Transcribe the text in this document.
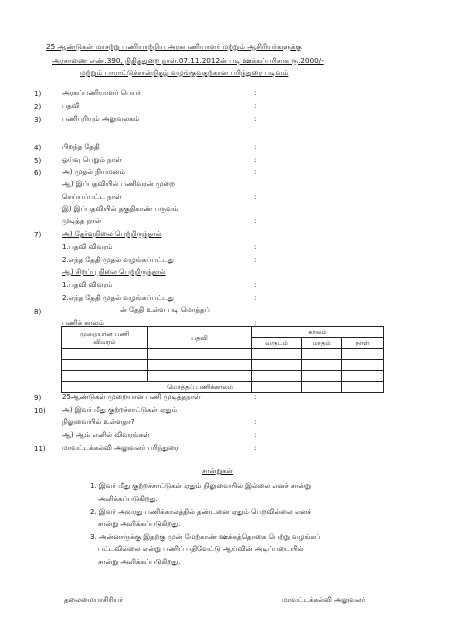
25 ஆண்டுகள் மாசற்று பணியாற்றிய அரசுபணியாளர் மற்றும் ஆசிரியர்களுக்கு
அரசாணை எண்.390, நிதித்துறை நாள்.07.11.2012ன் படி ஊக்கப்பரிசாக ரூ.2000/-
மற்றும் பாராட்டுச்சான்றிதழ் வழங்குவதற்கான பரிந்துரை படிவம்
1)	அரசுப்பணியாளர் பெயர்	:
2)	பதவி	:
3)	பணிபுரியும் அலுவலகம்	:
4)	பிறந்த தேதி	:
5)	ஓய்வு பெறும் நாள்	:
6)	அ) முதல் நியமனம்	:
ஆ) இப்பதவியில் பணிவரன் முறை
செய்யப்பட்ட நாள்	:
இ) இப்பதவியில் தகுதிகாண் பருவம்
முடித்த நாள்	:
7)	அ) தேர்வுநிலை பெற்றிருந்தால்
1.பதவி விவரம்	:
2.எந்த தேதி முதல் வழங்கப்பட்டது	:
ஆ) சிறப்பு நிலை பெற்றிருந்தால்
1.பதவி விவரம்	:
2.எந்த தேதி முதல் வழங்கப்பட்டது	:
8)	ன் தேதி உள்ள படி மொத்தப்
பணிக் காலம்	:
முறையான பணி
விவரம்	பதவி	காலம்		
		வருடம்	மாதம்	நாள்

மொத்தப் பணிக்காலம்				
9)	25ஆண்டுகள் முறையான பணி முடித்தநாள்	:
10) அ) இவர் மீது குற்றச்சாட்டுகள் ஏதும்
நிலுவையில் உள்ளதா?	:
ஆ) ஆம் எனில் விவரங்கள்	:
11) மாவட்டக்கல்வி அலுவலர் பரிந்துரை	:
சான்றுகள்
1. இவர் மீது குற்றச்சாட்டுகள் ஏதும் நிலுவையில் இல்லை எனச் சான்று
அளிக்கப்படுகிறது.
2. இவர் அவரது பணிக்காலத்தில் தண்டனை ஏதும் பெறவில்லை எனச்
சான்று அளிக்கப்படுகிறது.
3. அன்னாருக்கு இதற்கு முன் மேற்காண் ஊக்கத்தொகை பெற்று வழங்கப்
பட்டவில்லை என்று பணிப் பதிவேட்டு ஆய்வின் அடிப்படையில்
சான்று அளிக்கப்படுகிறது.
தலைமையாசிரியர்	மாவட்டக்கல்வி அலுவலர்
